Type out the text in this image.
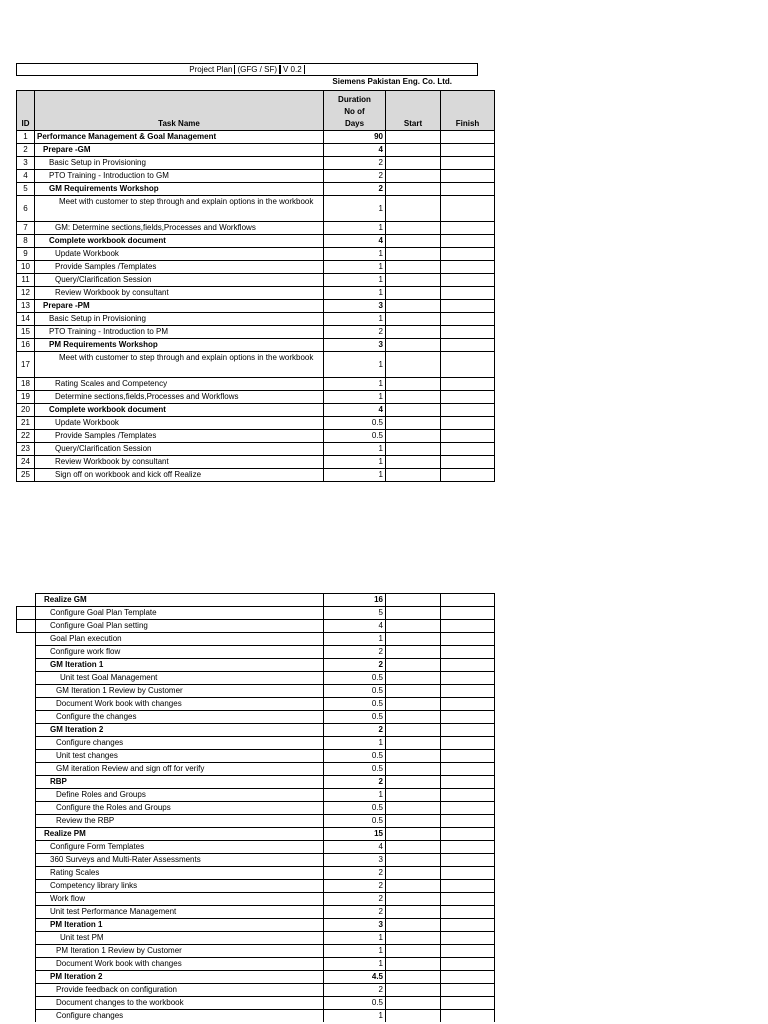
Project Plan (GFG / SF) V 0.2
Siemens Pakistan Eng. Co. Ltd.
ID	Task Name	Duration
No of
Days	Start	Finish
1	Performance Management & Goal Management	90		
2	Prepare -GM	4		
3	Basic Setup in Provisioning	2		
4	PTO Training - Introduction to GM	2		
5	GM Requirements Workshop	2		
6	Meet with customer to step through and explain options in the workbook	1		
7	GM: Determine sections,fields,Processes and Workflows	1		
8	Complete workbook document	4		
9	Update Workbook	1		
10	Provide Samples /Templates	1		
11	Query/Clarification Session	1		
12	Review Workbook by consultant	1		
13	Prepare -PM	3		
14	Basic Setup in Provisioning	1		
15	PTO Training - Introduction to PM	2		
16	PM Requirements Workshop	3		
17	Meet with customer to step through and explain options in the workbook	1		
18	Rating Scales and Competency	1		
19	Determine sections,fields,Processes and Workflows	1		
20	Complete workbook document	4		
21	Update Workbook	0.5		
22	Provide Samples /Templates	0.5		
23	Query/Clarification Session	1		
24	Review Workbook by consultant	1		
25	Sign off on workbook and kick off Realize	1		
	Realize GM	16		
	Configure Goal Plan Template	5		
	Configure Goal Plan setting	4		
	Goal Plan execution	1		
	Configure work flow	2		
	GM Iteration 1	2		
	Unit test Goal Management	0.5		
	GM Iteration 1 Review by Customer	0.5		
	Document Work book with changes	0.5		
	Configure the changes	0.5		
	GM Iteration 2	2		
	Configure changes	1		
	Unit test changes	0.5		
	GM iteration Review and sign off for verify	0.5		
	RBP	2		
	Define Roles and Groups	1		
	Configure the Roles and Groups	0.5		
	Review the RBP	0.5		
	Realize PM	15		
	Configure Form Templates	4		
	360 Surveys and Multi-Rater Assessments	3		
	Rating Scales	2		
	Competency library links	2		
	Work flow	2		
	Unit test Performance Management	2		
	PM Iteration 1	3		
	Unit test PM	1		
	PM Iteration 1 Review by Customer	1		
	Document Work book with changes	1		
	PM Iteration 2	4.5		
	Provide feedback on configuration	2		
	Document changes to the workbook	0.5		
	Configure changes	1		
